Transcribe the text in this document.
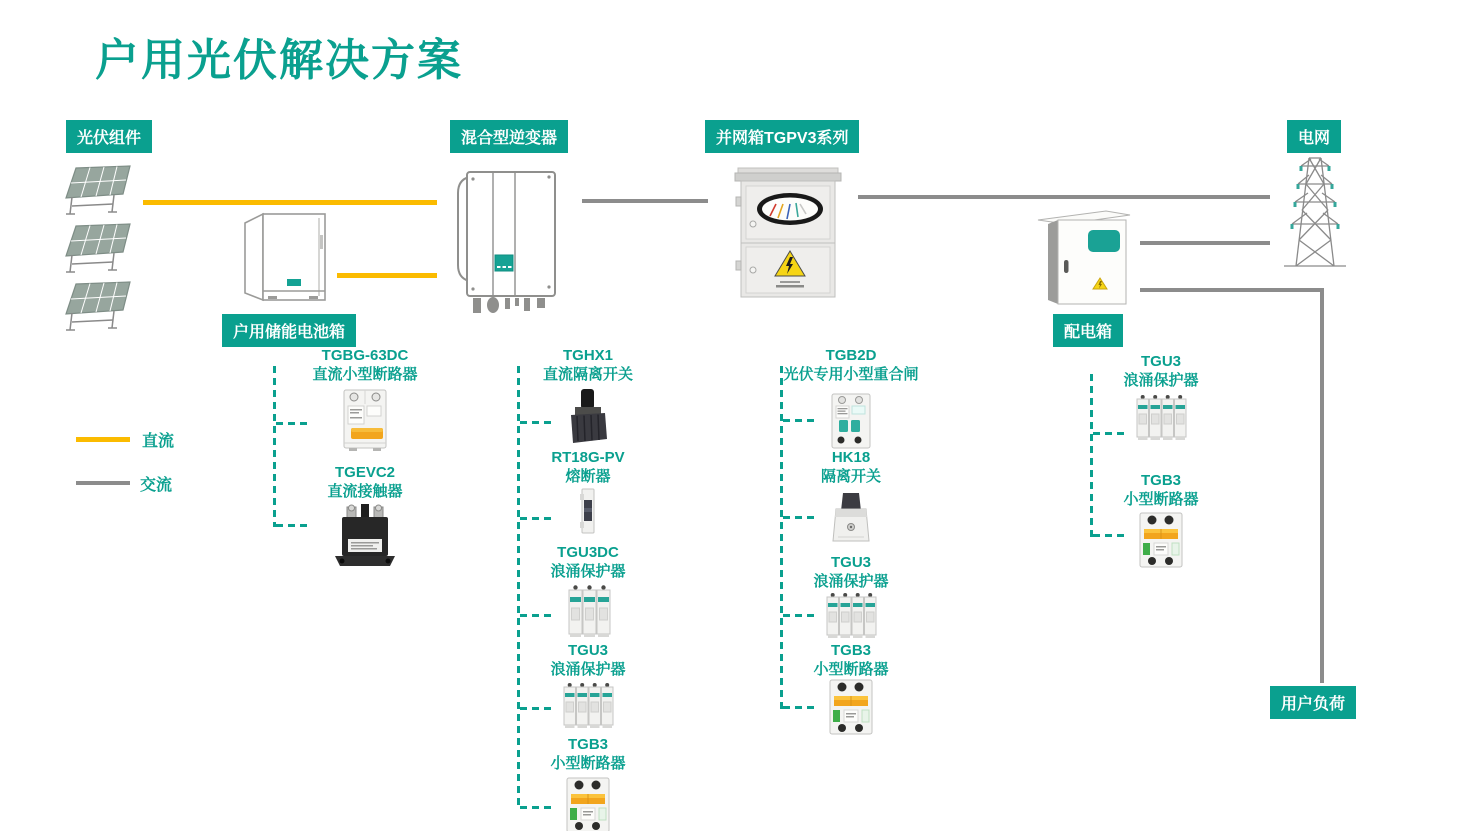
户用光伏解决方案
光伏组件	混合型逆变器	并网箱TGPV3系列	电网
户用储能电池箱	配电箱
用户负荷
直流
交流
TGBG-63DC
直流小型断路器
TGEVC2
直流接触器
TGHX1
直流隔离开关
RT18G-PV
熔断器
TGU3DC
浪涌保护器
TGU3
浪涌保护器
TGB3
小型断路器
TGB2D
光伏专用小型重合闸
HK18
隔离开关
TGU3
浪涌保护器
TGB3
小型断路器
TGU3
浪涌保护器
TGB3
小型断路器
